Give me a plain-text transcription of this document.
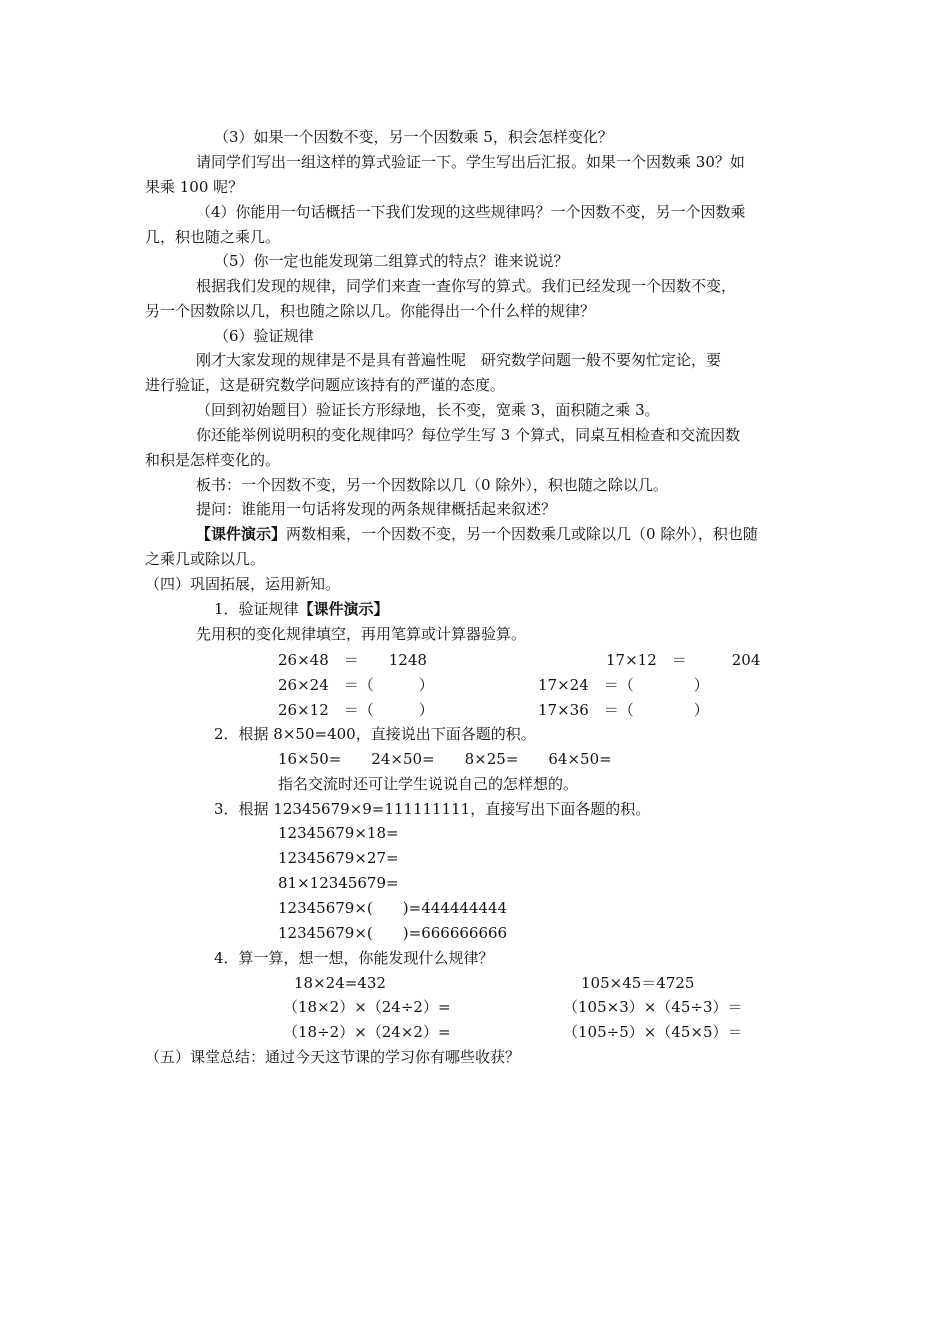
（3）如果一个因数不变，另一个因数乘 5，积会怎样变化？

请同学们写出一组这样的算式验证一下。学生写出后汇报。如果一个因数乘 30？如

果乘 100 呢？

（4）你能用一句话概括一下我们发现的这些规律吗？一个因数不变，另一个因数乘

几，积也随之乘几。

（5）你一定也能发现第二组算式的特点？谁来说说？

根据我们发现的规律，同学们来查一查你写的算式。我们已经发现一个因数不变，

另一个因数除以几，积也随之除以几。你能得出一个什么样的规律？

（6）验证规律

刚才大家发现的规律是不是具有普遍性呢　研究数学问题一般不要匆忙定论，要

进行验证，这是研究数学问题应该持有的严谨的态度。

（回到初始题目）验证长方形绿地，长不变，宽乘 3，面积随之乘 3。

你还能举例说明积的变化规律吗？每位学生写 3 个算式，同桌互相检查和交流因数

和积是怎样变化的。

板书：一个因数不变，另一个因数除以几（0 除外），积也随之除以几。

提问：谁能用一句话将发现的两条规律概括起来叙述？

【课件演示】两数相乘，一个因数不变，另一个因数乘几或除以几（0 除外），积也随

之乘几或除以几。

（四）巩固拓展，运用新知。

1．验证规律【课件演示】

先用积的变化规律填空，再用笔算或计算器验算。

26×48　＝　　1248	17×12　＝　　　204

26×24　＝（　　　）	17×24　＝（　　　　）

26×12　＝（　　　）	17×36　＝（　　　　）

2．根据 8×50=400，直接说出下面各题的积。

16×50=　　24×50=　　8×25=　　64×50=

指名交流时还可让学生说说自己的怎样想的。

3．根据 12345679×9=111111111，直接写出下面各题的积。

12345679×18=

12345679×27=

81×12345679=

12345679×(　　)=444444444

12345679×(　　)=666666666

4．算一算，想一想，你能发现什么规律？

18×24=432	105×45＝4725

（18×2）×（24÷2）=	（105×3）×（45÷3）＝

（18÷2）×（24×2）=	（105÷5）×（45×5）＝

（五）课堂总结：通过今天这节课的学习你有哪些收获？
